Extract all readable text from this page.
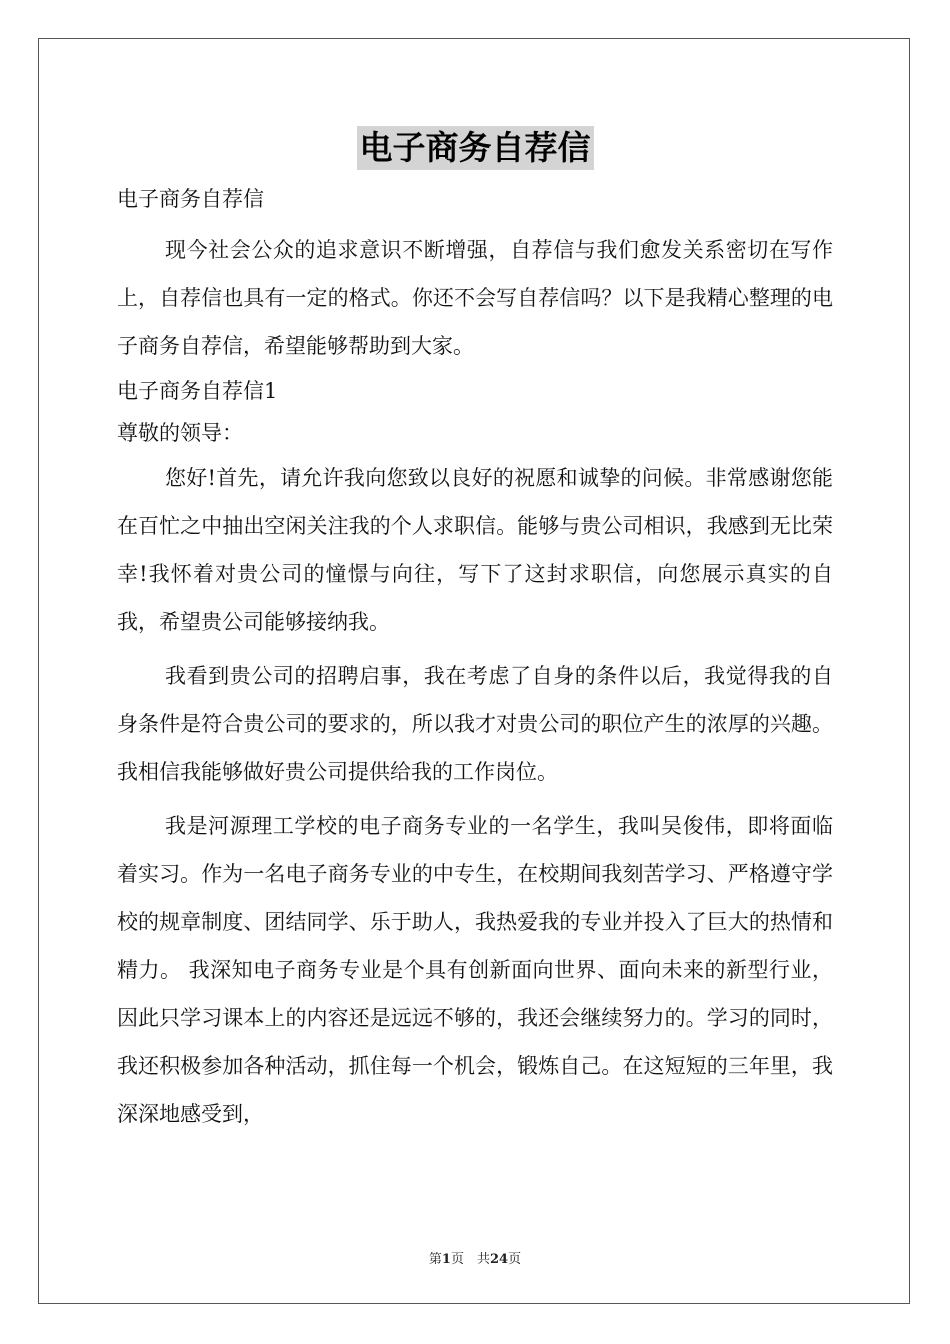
电子商务自荐信

电子商务自荐信

现今社会公众的追求意识不断增强，自荐信与我们愈发关系密切在写作上，自荐信也具有一定的格式。你还不会写自荐信吗？以下是我精心整理的电子商务自荐信，希望能够帮助到大家。

电子商务自荐信1

尊敬的领导：

您好!首先，请允许我向您致以良好的祝愿和诚挚的问候。非常感谢您能在百忙之中抽出空闲关注我的个人求职信。能够与贵公司相识，我感到无比荣幸!我怀着对贵公司的憧憬与向往，写下了这封求职信，向您展示真实的自我，希望贵公司能够接纳我。

我看到贵公司的招聘启事，我在考虑了自身的条件以后，我觉得我的自身条件是符合贵公司的要求的，所以我才对贵公司的职位产生的浓厚的兴趣。我相信我能够做好贵公司提供给我的工作岗位。

我是河源理工学校的电子商务专业的一名学生，我叫吴俊伟，即将面临着实习。作为一名电子商务专业的中专生，在校期间我刻苦学习、严格遵守学校的规章制度、团结同学、乐于助人，我热爱我的专业并投入了巨大的热情和精力。 我深知电子商务专业是个具有创新面向世界、面向未来的新型行业，因此只学习课本上的内容还是远远不够的，我还会继续努力的。学习的同时，我还积极参加各种活动，抓住每一个机会，锻炼自己。在这短短的三年里，我深深地感受到，

第1页　共24页
